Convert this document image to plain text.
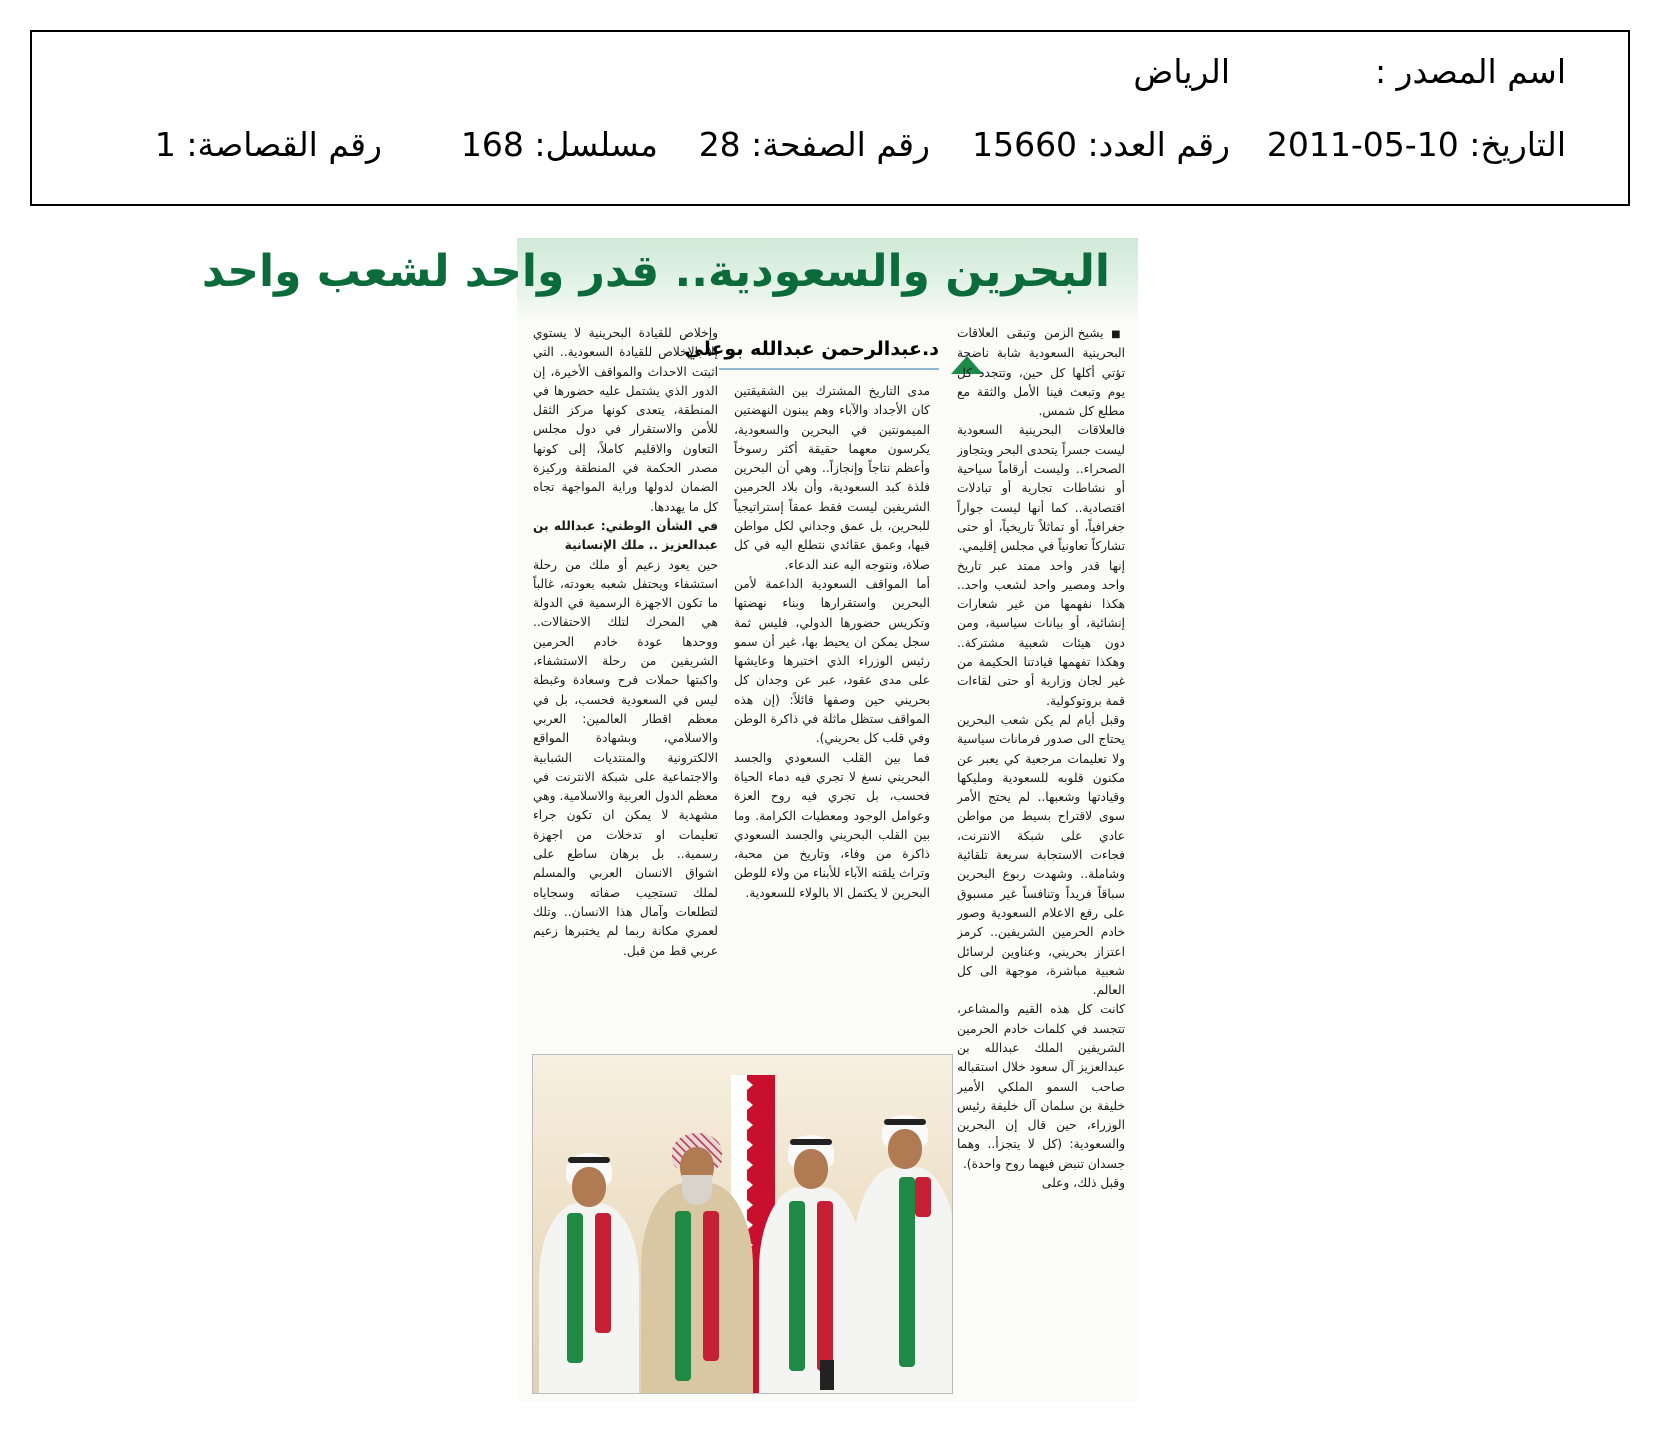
اسم المصدر :
الرياض
التاريخ: 10-05-2011
رقم العدد: 15660
رقم الصفحة: 28
مسلسل: 168
رقم القصاصة: 1
البحرين والسعودية.. قدر واحد لشعب واحد
د.عبدالرحمن عبدالله بوعلي

■ يشيخ الزمن وتبقى العلاقات البحرينية السعودية شابة ناضجة تؤتي أكلها كل حين، وتتجدد كل يوم وتبعث فينا الأمل والثقة مع مطلع كل شمس.

فالعلاقات البحرينية السعودية ليست جسراً يتحدى البحر ويتجاوز الصحراء.. وليست أرقاماً سياحية أو نشاطات تجارية أو تبادلات اقتصادية.. كما أنها ليست جواراً جغرافياً، أو تماثلاً تاريخياً، أو حتى تشاركاً تعاونياً في مجلس إقليمي.

إنها قدر واحد ممتد عبر تاريخ واحد ومصير واحد لشعب واحد.. هكذا نفهمها من غير شعارات إنشائية، أو بيانات سياسية، ومن دون هيئات شعبية مشتركة.. وهكذا تفهمها قيادتنا الحكيمة من غير لجان وزارية أو حتى لقاءات قمة بروتوكولية.

وقبل أيام لم يكن شعب البحرين يحتاج الى صدور فرمانات سياسية ولا تعليمات مرجعية كي يعبر عن مكنون قلوبه للسعودية ومليكها وقيادتها وشعبها.. لم يحتج الأمر سوى لاقتراح بسيط من مواطن عادي على شبكة الانترنت، فجاءت الاستجابة سريعة تلقائية وشاملة.. وشهدت ربوع البحرين سباقاً فريداً وتنافساً غير مسبوق على رفع الاعلام السعودية وصور خادم الحرمين الشريفين.. كرمز اعتزاز بحريني، وعناوين لرسائل شعبية مباشرة، موجهة الى كل العالم.

كانت كل هذه القيم والمشاعر، تتجسد في كلمات خادم الحرمين الشريفين الملك عبدالله بن عبدالعزيز آل سعود خلال استقباله صاحب السمو الملكي الأمير خليفة بن سلمان آل خليفة رئيس الوزراء، حين قال إن البحرين والسعودية: (كل لا يتجزأ.. وهما جسدان تنبض فيهما روح واحدة).

وقبل ذلك، وعلى

مدى التاريخ المشترك بين الشقيقتين كان الأجداد والآباء وهم يبنون النهضتين الميمونتين في البحرين والسعودية، يكرسون معهما حقيقة أكثر رسوخاً وأعظم نتاجاً وإنجازاً.. وهي أن البحرين فلذة كبد السعودية، وأن بلاد الحرمين الشريفين ليست فقط عمقاً إستراتيجياً للبحرين، بل عمق وجداني لكل مواطن فيها، وعمق عقائدي نتطلع اليه في كل صلاة، ونتوجه اليه عند الدعاء.

أما المواقف السعودية الداعمة لأمن البحرين واستقرارها وبناء نهضتها وتكريس حضورها الدولي، فليس ثمة سجل يمكن ان يحيط بها، غير أن سمو رئيس الوزراء الذي اختبرها وعايشها على مدى عقود، عبر عن وجدان كل بحريني حين وصفها قائلاً: (إن هذه المواقف ستظل ماثلة في ذاكرة الوطن وفي قلب كل بحريني).

فما بين القلب السعودي والجسد البحريني نسغ لا تجري فيه دماء الحياة فحسب، بل تجري فيه روح العزة وعوامل الوجود ومعطيات الكرامة. وما بين القلب البحريني والجسد السعودي ذاكرة من وفاء، وتاريخ من محبة، وتراث يلقنه الآباء للأبناء من ولاء للوطن البحرين لا يكتمل الا بالولاء للسعودية.

وإخلاص للقيادة البحرينية لا يستوي إلا بالإخلاص للقيادة السعودية.. التي اثبتت الاحداث والمواقف الأخيرة، إن الدور الذي يشتمل عليه حضورها في المنطقة، يتعدى كونها مركز الثقل للأمن والاستقرار في دول مجلس التعاون والاقليم كاملاً، إلى كونها مصدر الحكمة في المنطقة وركيزة الضمان لدولها وراية المواجهة تجاه كل ما يهددها.

في الشأن الوطني: عبدالله بن عبدالعزيز .. ملك الإنسانية

حين يعود زعيم أو ملك من رحلة استشفاء ويحتفل شعبه بعودته، غالباً ما تكون الاجهزة الرسمية في الدولة هي المحرك لتلك الاحتفالات.. ووحدها عودة خادم الحرمين الشريفين من رحلة الاستشفاء، واكبتها حملات فرح وسعادة وغبطة ليس في السعودية فحسب، بل في معظم اقطار العالمين: العربي والاسلامي، وبشهادة المواقع الالكترونية والمنتديات الشبابية والاجتماعية على شبكة الانترنت في معظم الدول العربية والاسلامية. وهي مشهدية لا يمكن ان تكون جراء تعليمات او تدخلات من اجهزة رسمية.. بل برهان ساطع على اشواق الانسان العربي والمسلم لملك تستجيب صفاته وسجاياه لتطلعات وآمال هذا الانسان.. وتلك لعمري مكانة ربما لم يختبرها زعيم عربي قط من قبل.
